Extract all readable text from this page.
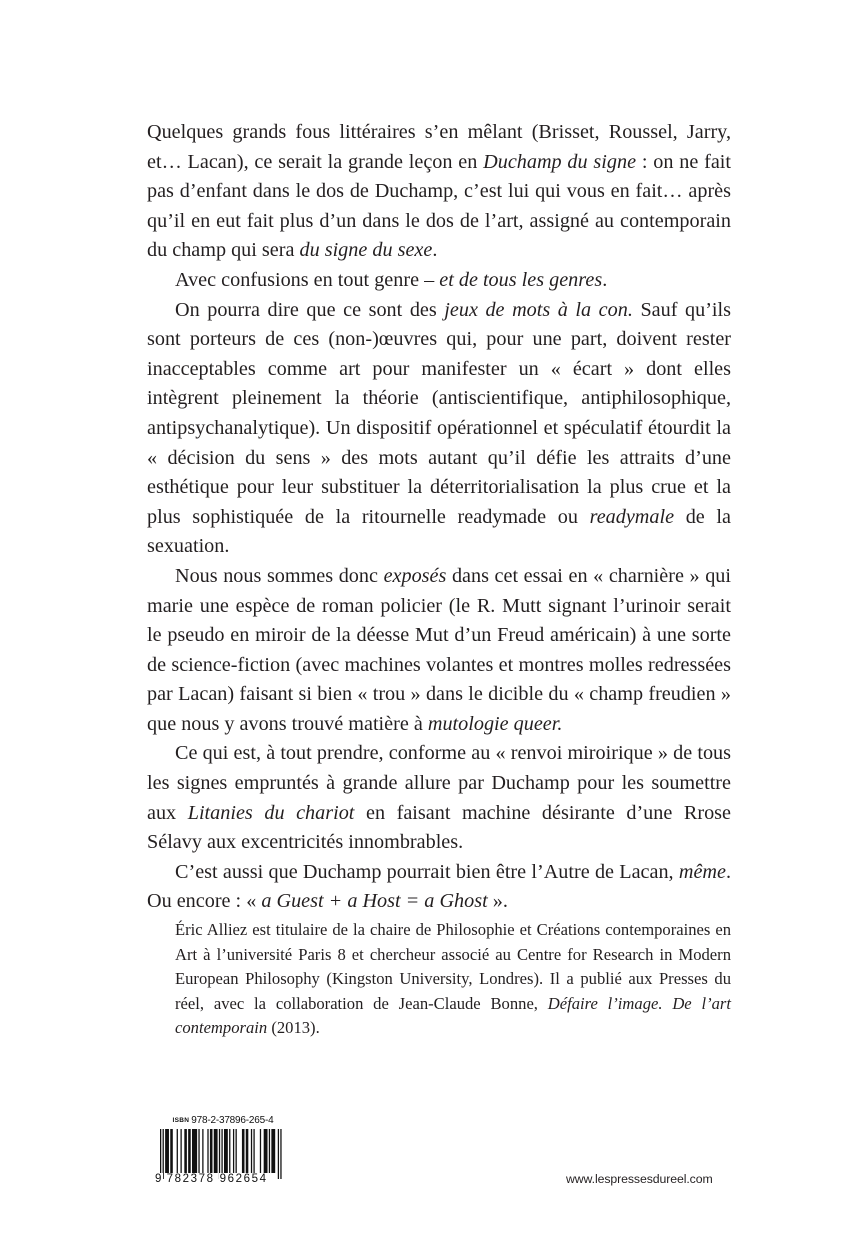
Quelques grands fous littéraires s’en mêlant (Brisset, Roussel, Jarry, et… Lacan), ce serait la grande leçon en Duchamp du signe : on ne fait pas d’enfant dans le dos de Duchamp, c’est lui qui vous en fait… après qu’il en eut fait plus d’un dans le dos de l’art, assigné au contemporain du champ qui sera du signe du sexe.

Avec confusions en tout genre – et de tous les genres.

On pourra dire que ce sont des jeux de mots à la con. Sauf qu’ils sont porteurs de ces (non-)œuvres qui, pour une part, doivent rester inacceptables comme art pour manifester un « écart » dont elles intègrent pleinement la théorie (antiscientifique, antiphilosophique, antipsychanalytique). Un dispositif opérationnel et spéculatif étourdit la « décision du sens » des mots autant qu’il défie les attraits d’une esthétique pour leur substituer la déterritorialisation la plus crue et la plus sophistiquée de la ritournelle readymade ou readymale de la sexuation.

Nous nous sommes donc exposés dans cet essai en « charnière » qui marie une espèce de roman policier (le R. Mutt signant l’urinoir serait le pseudo en miroir de la déesse Mut d’un Freud américain) à une sorte de science-fiction (avec machines volantes et montres molles redressées par Lacan) faisant si bien « trou » dans le dicible du « champ freudien » que nous y avons trouvé matière à mutologie queer.

Ce qui est, à tout prendre, conforme au « renvoi miroirique » de tous les signes empruntés à grande allure par Duchamp pour les soumettre aux Litanies du chariot en faisant machine désirante d’une Rrose Sélavy aux excentricités innombrables.

C’est aussi que Duchamp pourrait bien être l’Autre de Lacan, même. Ou encore : « a Guest + a Host = a Ghost ».

Éric Alliez est titulaire de la chaire de Philosophie et Créations contemporaines en Art à l’université Paris 8 et chercheur associé au Centre for Research in Modern European Philosophy (Kingston University, Londres). Il a publié aux Presses du réel, avec la collaboration de Jean-Claude Bonne, Défaire l’image. De l’art contemporain (2013).

ISBN 978-2-37896-265-4
9 782378 962654	www.lespressesdureel.com
